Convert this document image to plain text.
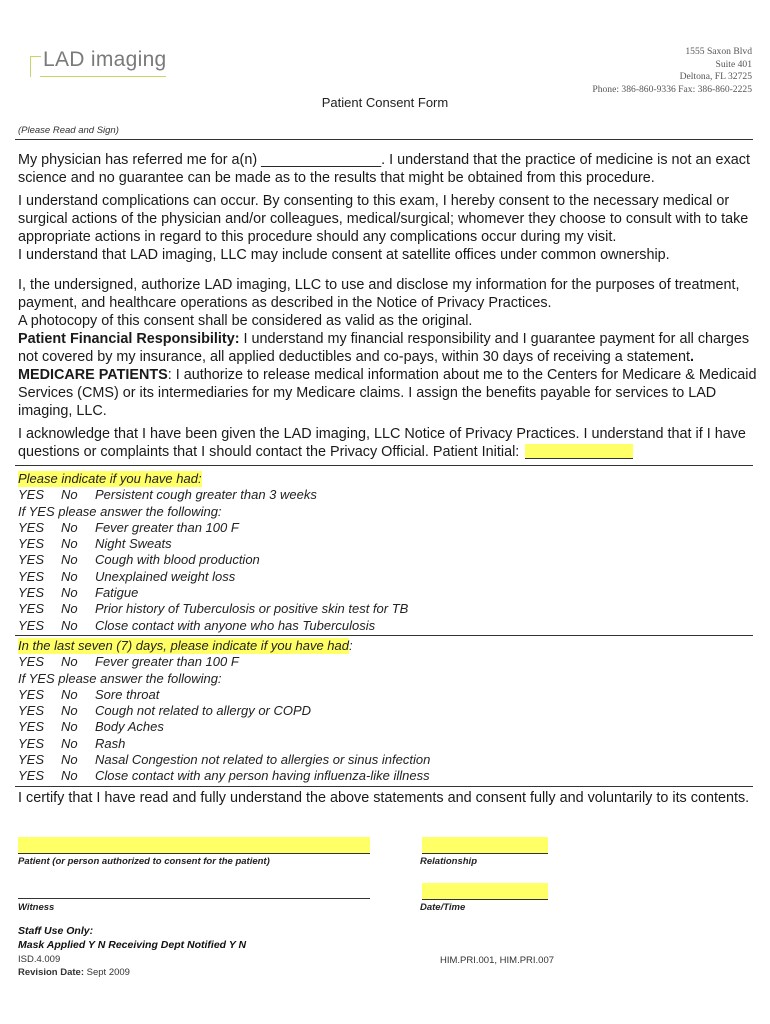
LAD imaging	1555 Saxon Blvd
Suite 401
Deltona, FL 32725
Phone: 386-860-9336 Fax: 386-860-2225
Patient Consent Form
(Please Read and Sign)

My physician has referred me for a(n) _______________. I understand that the practice of medicine is not an exact science and no guarantee can be made as to the results that might be obtained from this procedure.

I understand complications can occur. By consenting to this exam, I hereby consent to the necessary medical or surgical actions of the physician and/or colleagues, medical/surgical; whomever they choose to consult with to take appropriate actions in regard to this procedure should any complications occur during my visit.

I understand that LAD imaging, LLC may include consent at satellite offices under common ownership.

I, the undersigned, authorize LAD imaging, LLC to use and disclose my information for the purposes of treatment, payment, and healthcare operations as described in the Notice of Privacy Practices.

A photocopy of this consent shall be considered as valid as the original.

Patient Financial Responsibility: I understand my financial responsibility and I guarantee payment for all charges not covered by my insurance, all applied deductibles and co-pays, within 30 days of receiving a statement. MEDICARE PATIENTS: I authorize to release medical information about me to the Centers for Medicare & Medicaid Services (CMS) or its intermediaries for my Medicare claims. I assign the benefits payable for services to LAD imaging, LLC.

I acknowledge that I have been given the LAD imaging, LLC Notice of Privacy Practices. I understand that if I have questions or complaints that I should contact the Privacy Official. Patient Initial:

Please indicate if you have had:
YES	No	Persistent cough greater than 3 weeks
If YES please answer the following:
YES	No	Fever greater than 100 F
YES	No	Night Sweats
YES	No	Cough with blood production
YES	No	Unexplained weight loss
YES	No	Fatigue
YES	No	Prior history of Tuberculosis or positive skin test for TB
YES	No	Close contact with anyone who has Tuberculosis
In the last seven (7) days, please indicate if you have had :
YES	No	Fever greater than 100 F
If YES please answer the following:
YES	No	Sore throat
YES	No	Cough not related to allergy or COPD
YES	No	Body Aches
YES	No	Rash
YES	No	Nasal Congestion not related to allergies or sinus infection
YES	No	Close contact with any person having influenza-like illness
I certify that I have read and fully understand the above statements and consent fully and voluntarily to its contents.
Patient (or person authorized to consent for the patient)	Relationship
Witness	Date/Time
Staff Use Only:
Mask Applied Y N Receiving Dept Notified Y N
ISD.4.009
Revision Date: Sept 2009
HIM.PRI.001, HIM.PRI.007
